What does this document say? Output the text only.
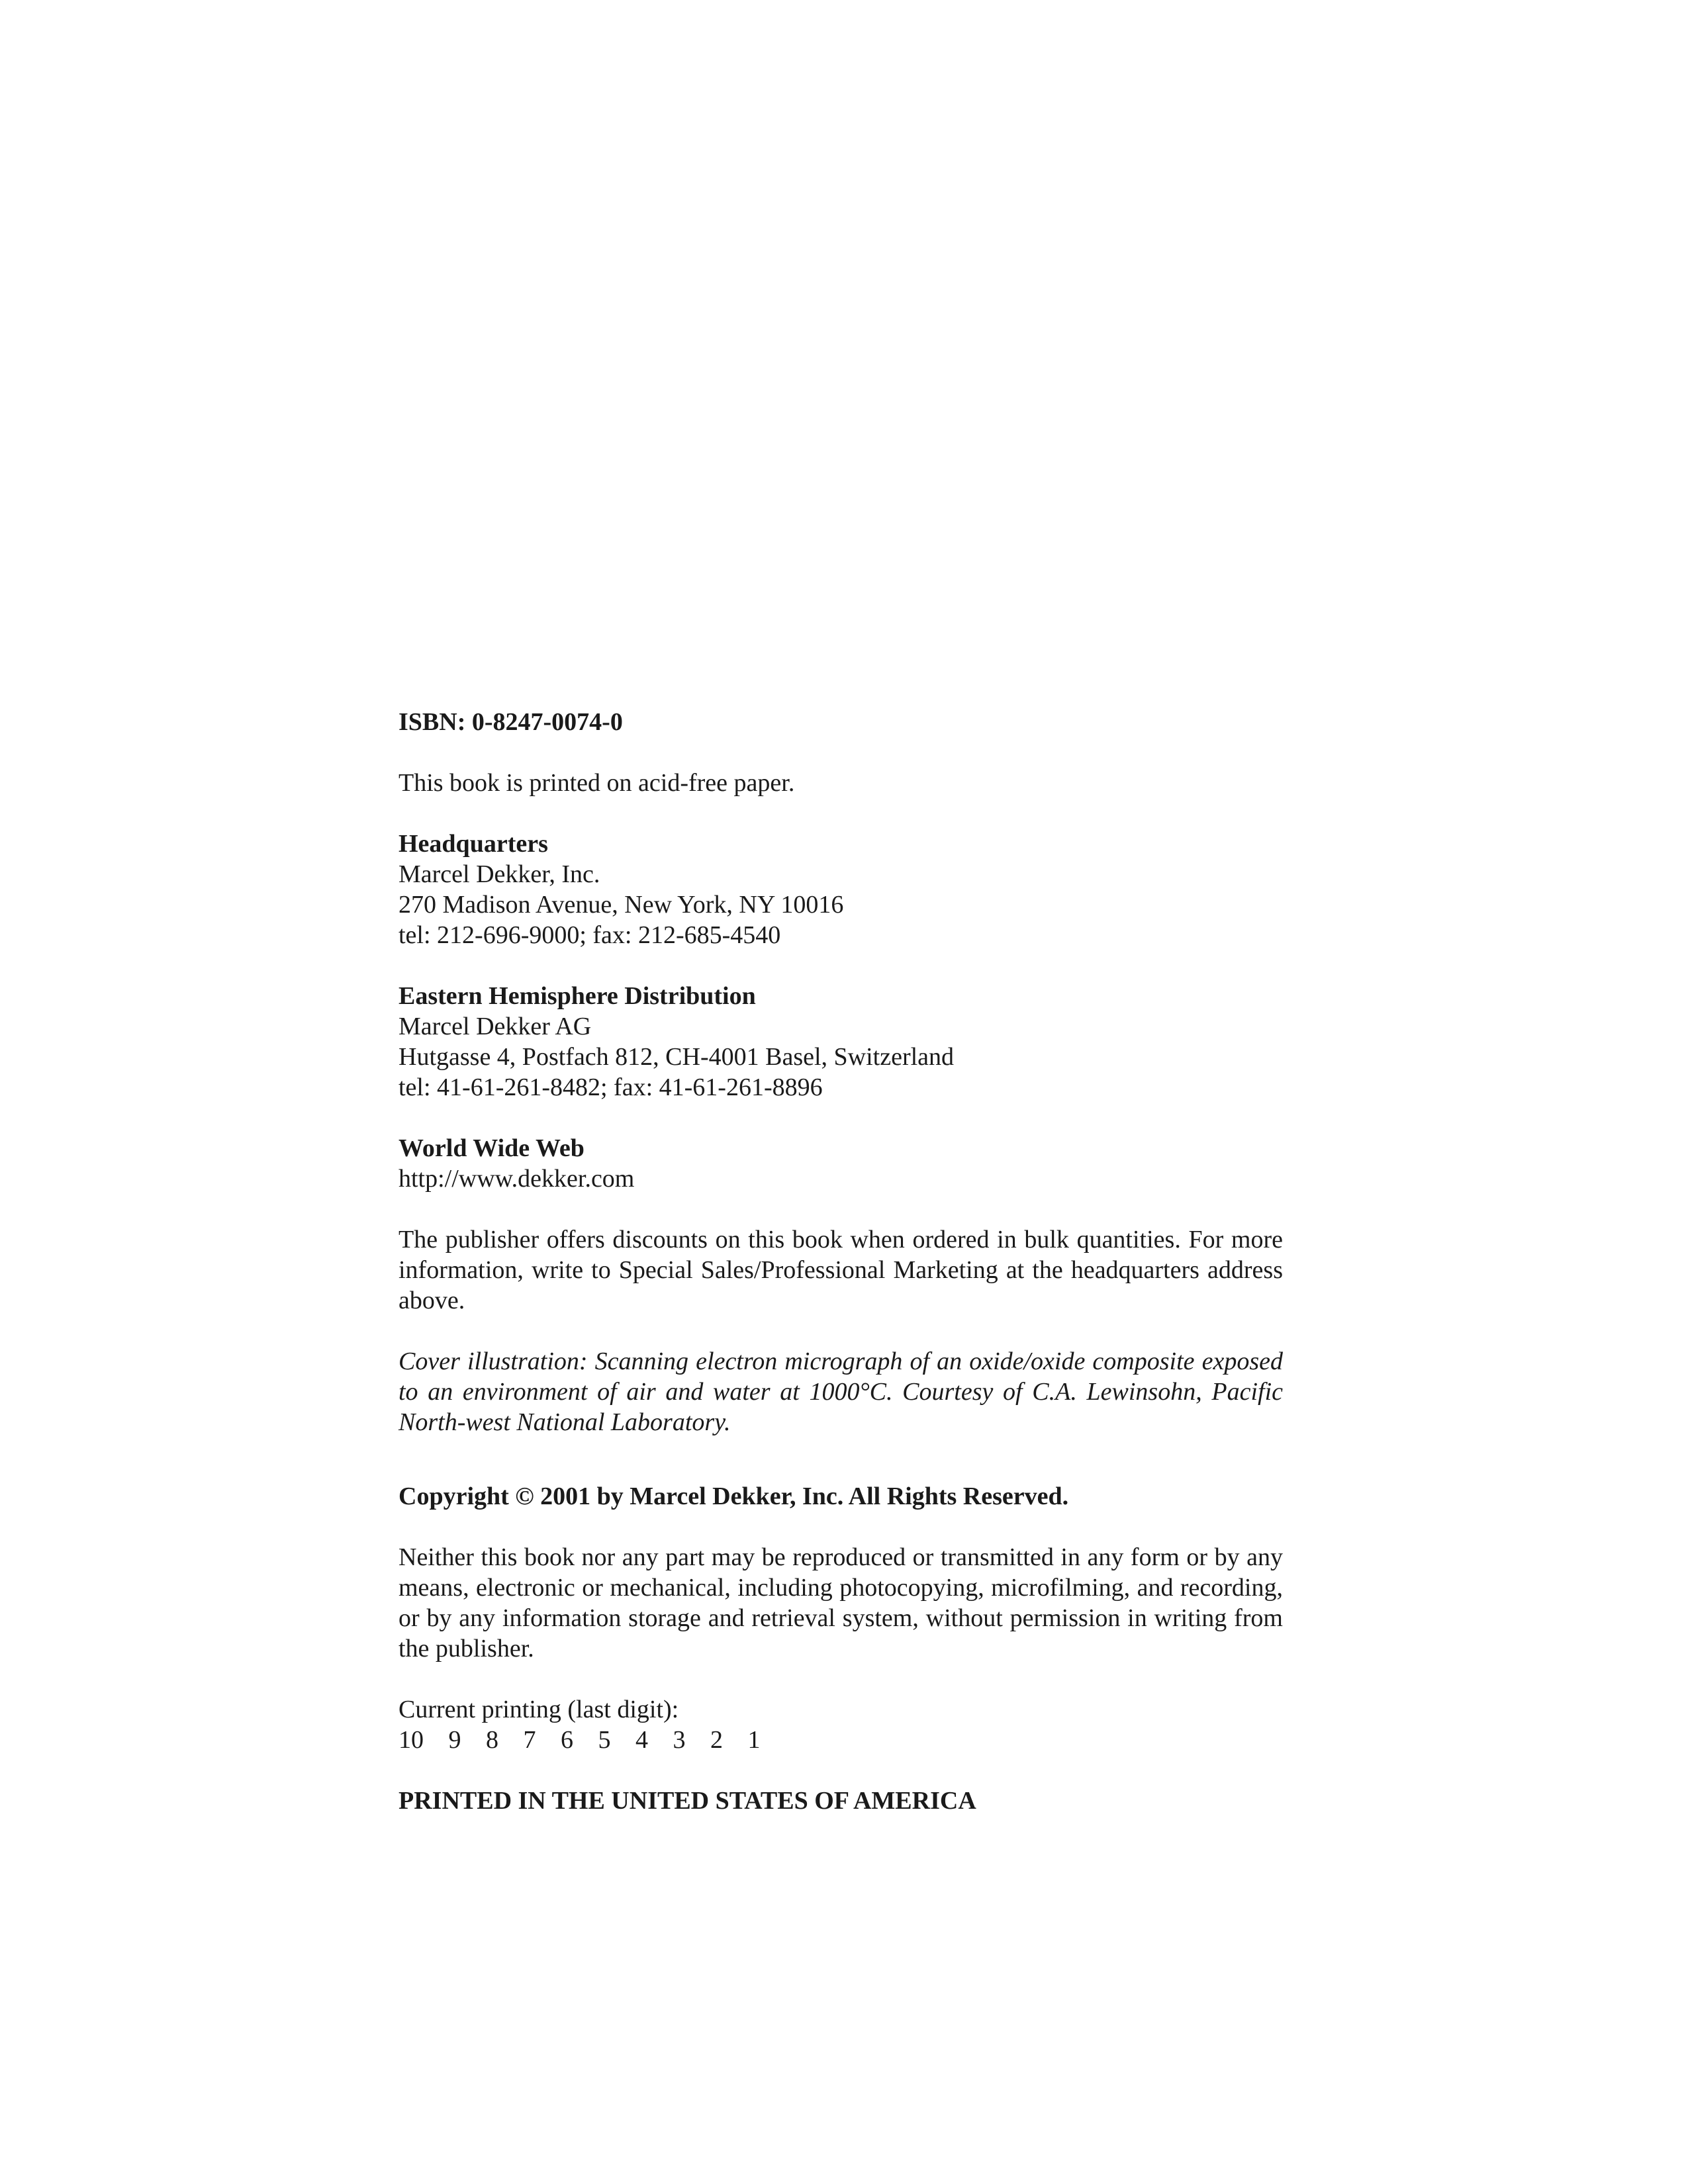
ISBN: 0-8247-0074-0

This book is printed on acid-free paper.

Headquarters
Marcel Dekker, Inc.
270 Madison Avenue, New York, NY 10016
tel: 212-696-9000; fax: 212-685-4540
Eastern Hemisphere Distribution
Marcel Dekker AG
Hutgasse 4, Postfach 812, CH-4001 Basel, Switzerland
tel: 41-61-261-8482; fax: 41-61-261-8896
World Wide Web
http://www.dekker.com

The publisher offers discounts on this book when ordered in bulk quantities. For more information, write to Special Sales/Professional Marketing at the headquarters address above.

Cover illustration: Scanning electron micrograph of an oxide/oxide composite exposed to an environment of air and water at 1000°C. Courtesy of C.A. Lewinsohn, Pacific North-west National Laboratory.

Copyright © 2001 by Marcel Dekker, Inc. All Rights Reserved.

Neither this book nor any part may be reproduced or transmitted in any form or by any means, electronic or mechanical, including photocopying, microfilming, and recording, or by any information storage and retrieval system, without permission in writing from the publisher.

Current printing (last digit):
10 9 8 7 6 5 4 3 2 1

PRINTED IN THE UNITED STATES OF AMERICA
